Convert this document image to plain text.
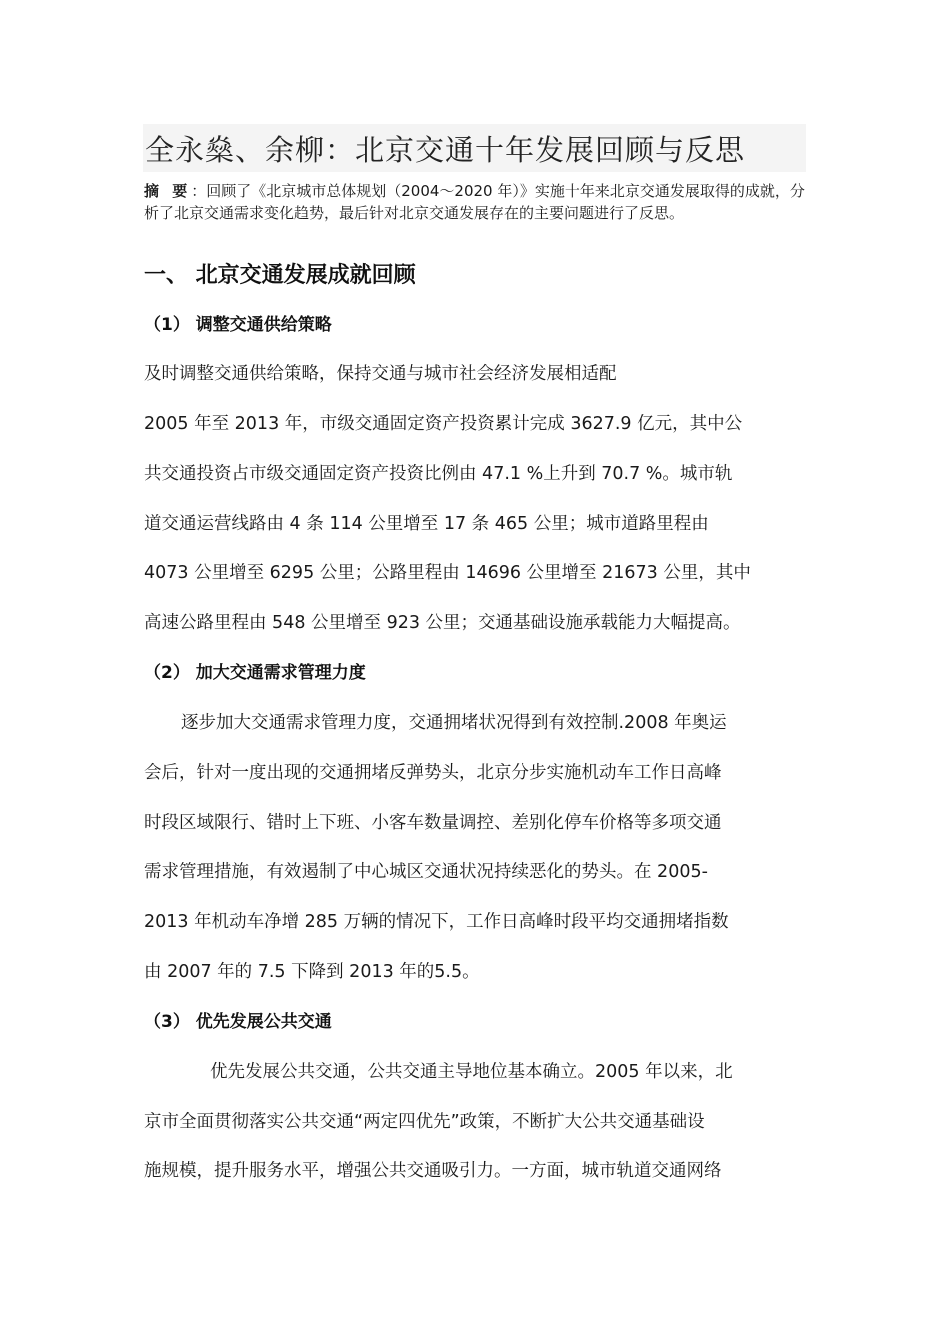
全永燊、余柳：北京交通十年发展回顾与反思
摘 要：回顾了《北京城市总体规划（2004～2020 年）》实施十年来北京交通发展取得的成就，分析了北京交通需求变化趋势，最后针对北京交通发展存在的主要问题进行了反思。
一、 北京交通发展成就回顾
（1） 调整交通供给策略
及时调整交通供给策略，保持交通与城市社会经济发展相适配
2005 年至 2013 年，市级交通固定资产投资累计完成 3627.9 亿元，其中公
共交通投资占市级交通固定资产投资比例由 47.1 %上升到 70.7 %。城市轨
道交通运营线路由 4 条 114 公里增至 17 条 465 公里；城市道路里程由
4073 公里增至 6295 公里；公路里程由 14696 公里增至 21673 公里，其中
高速公路里程由 548 公里增至 923 公里；交通基础设施承载能力大幅提高。
（2） 加大交通需求管理力度
逐步加大交通需求管理力度，交通拥堵状况得到有效控制.2008 年奥运
会后，针对一度出现的交通拥堵反弹势头，北京分步实施机动车工作日高峰
时段区域限行、错时上下班、小客车数量调控、差别化停车价格等多项交通
需求管理措施，有效遏制了中心城区交通状况持续恶化的势头。在 2005-
2013 年机动车净增 285 万辆的情况下，工作日高峰时段平均交通拥堵指数
由 2007 年的 7.5 下降到 2013 年的5.5。
（3） 优先发展公共交通
优先发展公共交通，公共交通主导地位基本确立。2005 年以来，北
京市全面贯彻落实公共交通“两定四优先”政策，不断扩大公共交通基础设
施规模，提升服务水平，增强公共交通吸引力。一方面，城市轨道交通网络
